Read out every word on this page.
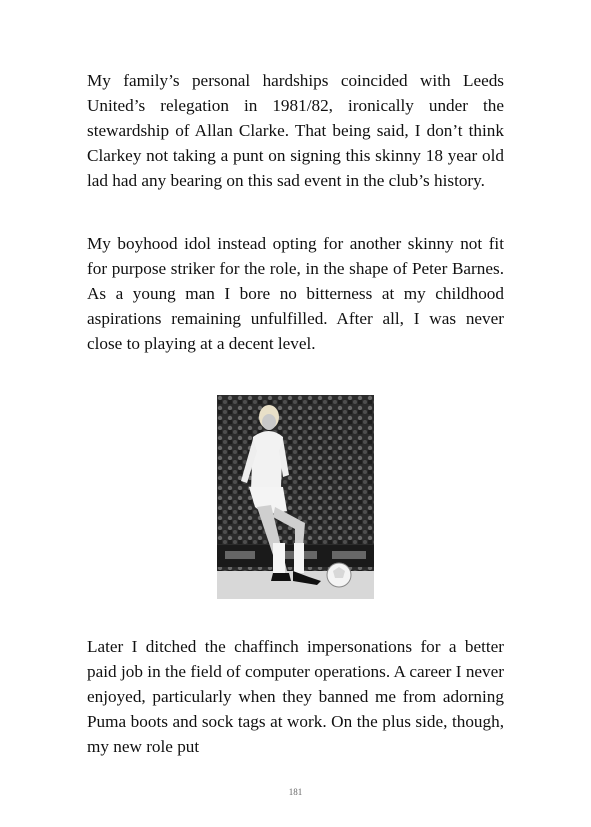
My family’s personal hardships coincided with Leeds United’s relegation in 1981/82, ironically under the stewardship of Allan Clarke. That being said, I don’t think Clarkey not taking a punt on signing this skinny 18 year old lad had any bearing on this sad event in the club’s history.

My boyhood idol instead opting for another skinny not fit for purpose striker for the role, in the shape of Peter Barnes. As a young man I bore no bitterness at my childhood aspirations remaining unfulfilled. After all, I was never close to playing at a decent level.

Later I ditched the chaffinch impersonations for a better paid job in the field of computer operations. A career I never enjoyed, particularly when they banned me from adorning Puma boots and sock tags at work. On the plus side, though, my new role put

181
